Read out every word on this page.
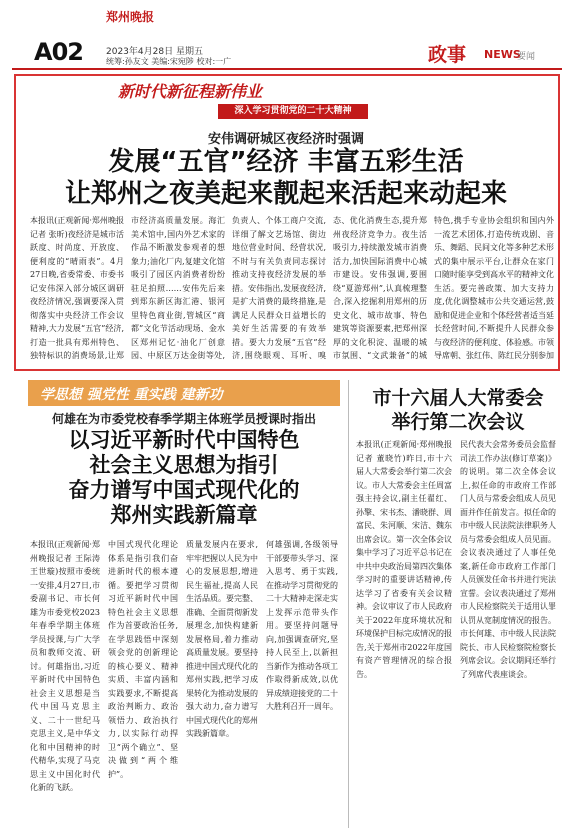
A02
郑州晚报
2023年4月28日 星期五
统筹:孙友文 美编:宋宛陟 校对:一广	政事 NEWS
要闻
新时代新征程新伟业
深入学习贯彻党的二十大精神
安伟调研城区夜经济时强调
发展“五官”经济 丰富五彩生活
让郑州之夜美起来靓起来活起来动起来
本报讯(正观新闻·郑州晚报记者 张昕)夜经济是城市活跃度、时尚度、开放度、便利度的“晴雨表”。4月27日晚,省委常委、市委书记安伟深入部分城区调研夜经济情况,强调要深入贯彻落实中央经济工作会议精神,大力发展“五官”经济,打造一批具有郑州特色、独特标识的消费场景,让郑
市经济高质量发展。海汇美术馆中,国内外艺术家的作品不断激发参观者的想象力;油化厂内,复建文化馆吸引了园区内消费者纷纷驻足拍照……安伟先后来到郑东新区海汇港、银河里特色商业街,管城区“商都”文化节活动现场、金水区郑州记忆·油化厂创意园、中原区万达金街等处,
负责人、个体工商户交流,详细了解文艺场馆、街边地位营业时间、经营状况,不时与有关负责同志探讨推动支持夜经济发展的举措。安伟指出,发展夜经济,是扩大消费的最终措施,是满足人民群众日益增长的美好生活需要的有效举措。要大力发展“五官”经济,围绕眼观、耳听、嗅
态、优化消费生态,提升郑州夜经济竞争力。夜生活吸引力,持续激发城市消费活力,加快国际消费中心城市建设。安伟强调,要围绕“夏游郑州”,认真梳理整合,深入挖掘利用郑州的历史文化、城市故事、特色建筑等资源要素,把郑州深厚的文化积淀、温暖的城市氛围、“文武兼备”的城
特色,携手专业协会组织和国内外一流艺术团体,打造传统戏剧、音乐、舞蹈、民间文化等多种艺术形式的集中展示平台,让群众在家门口随时能享受到高水平的精神文化生活。要完善政策、加大支持力度,优化调整城市公共交通运营,鼓励和促进企业和个体经营者适当延长经营时间,不断提升人民群众参与夜经济的便利度、体验感。市领导席朝、张红伟、陈红民分别参加
学思想 强党性 重实践 建新功
何雄在为市委党校春季学期主体班学员授课时指出
以习近平新时代中国特色
社会主义思想为指引
奋力谱写中国式现代化的
郑州实践新篇章
本报讯(正观新闻·郑州晚报记者 王际涛 王世璇)按照市委统一安排,4月27日,市委副书记、市长何雄为市委党校2023年春季学期主体班学员授课,与广大学员和教师交流、研讨。何雄指出,习近平新时代中国特色社会主义思想是当代中国马克思主义、二十一世纪马克思主义,是中华文化和中国精神的时代精华,实现了马克思主义中国化时代化新的飞跃。
中国式现代化理论体系是指引我们奋进新时代的根本遵循。要把学习贯彻习近平新时代中国特色社会主义思想作为首要政治任务,在学思践悟中深刻领会党的创新理论的核心要义、精神实质、丰富内涵和实践要求,不断提高政治判断力、政治领悟力、政治执行力,以实际行动捍卫“两个确立”、坚决做到“两个维护”。
质量发展内在要求,牢牢把握以人民为中心的发展思想,增进民生福祉,提高人民生活品质。要完整、准确、全面贯彻新发展理念,加快构建新发展格局,着力推动高质量发展。要坚持推进中国式现代化的郑州实践,把学习成果转化为推动发展的强大动力,奋力谱写中国式现代化的郑州实践新篇章。
何雄强调,各级领导干部要带头学习、深入思考、勇于实践,在推动学习贯彻党的二十大精神走深走实上发挥示范带头作用。要坚持问题导向,加强调查研究,坚持人民至上,以新担当新作为推动各项工作取得新成效,以优异成绩迎接党的二十大胜利召开一周年。
市十六届人大常委会
举行第二次会议
本报讯(正观新闻·郑州晚报记者 董晓竹)昨日,市十六届人大常委会举行第二次会议。市人大常委会主任周富强主持会议,副主任翟红、孙擎、宋书杰、潘晓群、周富民、朱河顺、宋洁、魏东出席会议。第一次全体会议集中学习了习近平总书记在中共中央政治局第四次集体学习时的重要讲话精神,传达学习了省委有关会议精神。会议审议了市人民政府关于2022年度环境状况和环境保护目标完成情况的报告,关于郑州市2022年度国有资产管理情况的综合报告。
民代表大会常务委员会监督司法工作办法(修订草案)》的说明。第二次全体会议上,拟任命的市政府工作部门人员与常委会组成人员见面并作任前发言。拟任命的市中级人民法院法律职务人员与常委会组成人员见面。会议表决通过了人事任免案,新任命市政府工作部门人员颁发任命书并进行宪法宣誓。会议表决通过了郑州市人民检察院关于适用认罪认罚从宽制度情况的报告。市长何雄、市中级人民法院院长、市人民检察院检察长列席会议。会议期间还举行了列席代表座谈会。
